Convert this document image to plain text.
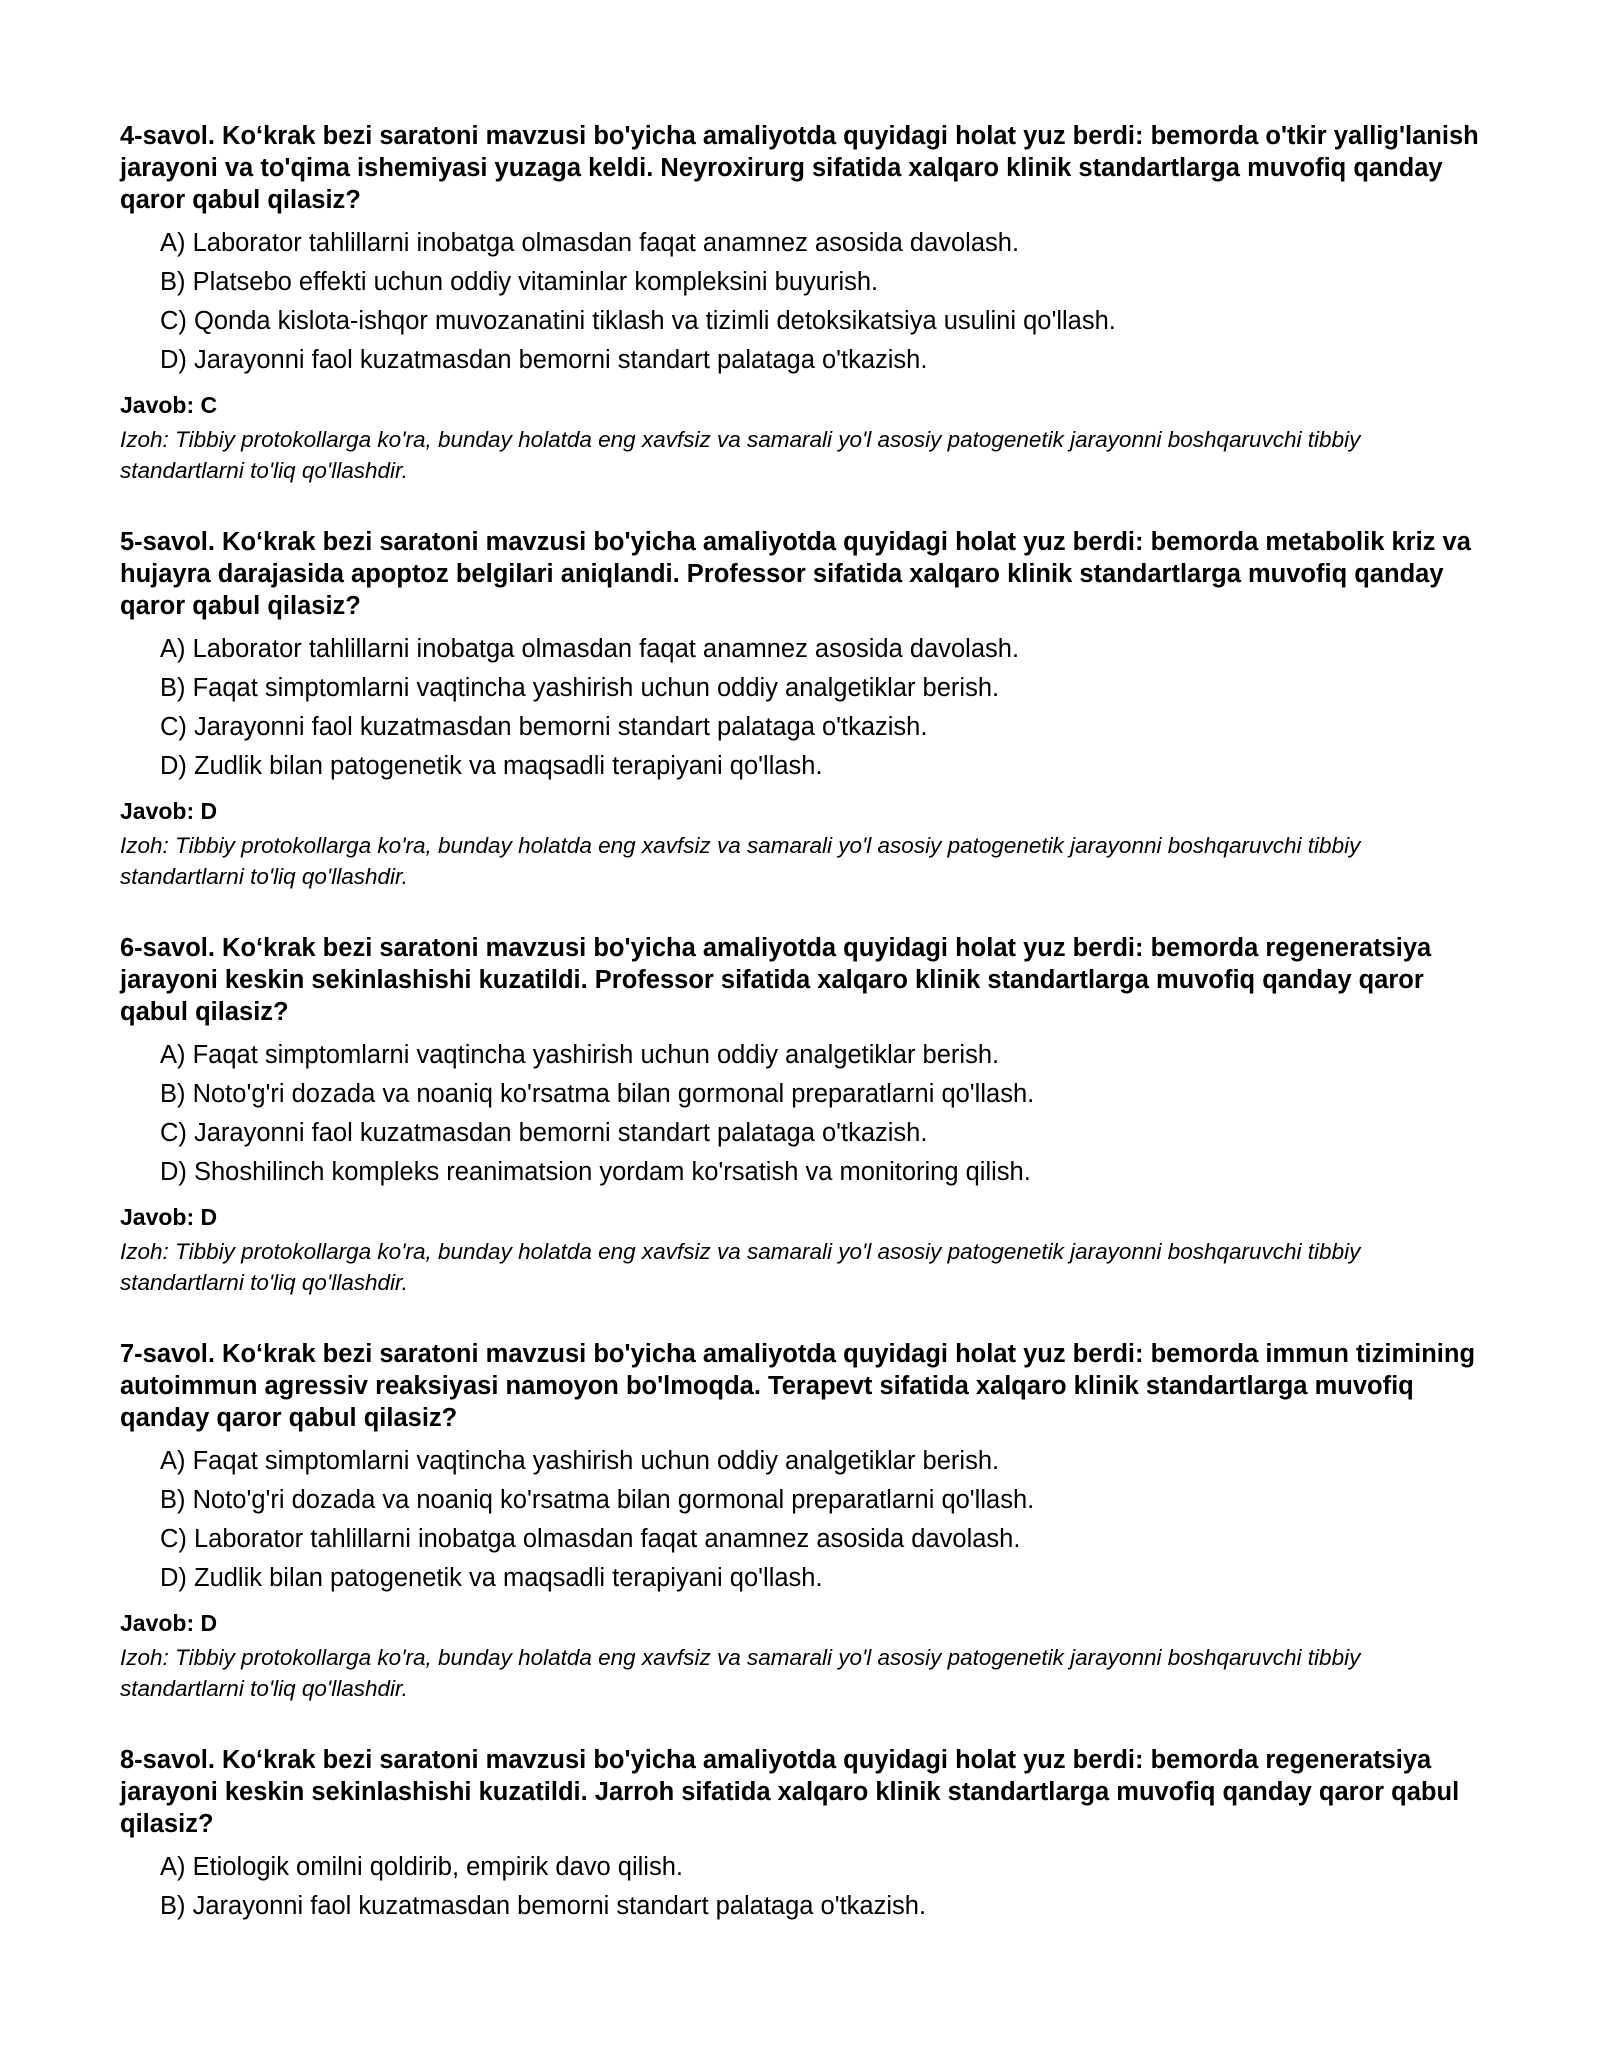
4-savol. Ko‘krak bezi saratoni mavzusi bo'yicha amaliyotda quyidagi holat yuz berdi: bemorda o'tkir yallig'lanish jarayoni va to'qima ishemiyasi yuzaga keldi. Neyroxirurg sifatida xalqaro klinik standartlarga muvofiq qanday qaror qabul qilasiz?

A) Laborator tahlillarni inobatga olmasdan faqat anamnez asosida davolash.
B) Platsebo effekti uchun oddiy vitaminlar kompleksini buyurish.
C) Qonda kislota-ishqor muvozanatini tiklash va tizimli detoksikatsiya usulini qo'llash.
D) Jarayonni faol kuzatmasdan bemorni standart palataga o'tkazish.

Javob: C

Izoh: Tibbiy protokollarga ko'ra, bunday holatda eng xavfsiz va samarali yo'l asosiy patogenetik jarayonni boshqaruvchi tibbiy standartlarni to'liq qo'llashdir.

5-savol. Ko‘krak bezi saratoni mavzusi bo'yicha amaliyotda quyidagi holat yuz berdi: bemorda metabolik kriz va hujayra darajasida apoptoz belgilari aniqlandi. Professor sifatida xalqaro klinik standartlarga muvofiq qanday qaror qabul qilasiz?

A) Laborator tahlillarni inobatga olmasdan faqat anamnez asosida davolash.
B) Faqat simptomlarni vaqtincha yashirish uchun oddiy analgetiklar berish.
C) Jarayonni faol kuzatmasdan bemorni standart palataga o'tkazish.
D) Zudlik bilan patogenetik va maqsadli terapiyani qo'llash.

Javob: D

Izoh: Tibbiy protokollarga ko'ra, bunday holatda eng xavfsiz va samarali yo'l asosiy patogenetik jarayonni boshqaruvchi tibbiy standartlarni to'liq qo'llashdir.

6-savol. Ko‘krak bezi saratoni mavzusi bo'yicha amaliyotda quyidagi holat yuz berdi: bemorda regeneratsiya jarayoni keskin sekinlashishi kuzatildi. Professor sifatida xalqaro klinik standartlarga muvofiq qanday qaror qabul qilasiz?

A) Faqat simptomlarni vaqtincha yashirish uchun oddiy analgetiklar berish.
B) Noto'g'ri dozada va noaniq ko'rsatma bilan gormonal preparatlarni qo'llash.
C) Jarayonni faol kuzatmasdan bemorni standart palataga o'tkazish.
D) Shoshilinch kompleks reanimatsion yordam ko'rsatish va monitoring qilish.

Javob: D

Izoh: Tibbiy protokollarga ko'ra, bunday holatda eng xavfsiz va samarali yo'l asosiy patogenetik jarayonni boshqaruvchi tibbiy standartlarni to'liq qo'llashdir.

7-savol. Ko‘krak bezi saratoni mavzusi bo'yicha amaliyotda quyidagi holat yuz berdi: bemorda immun tizimining autoimmun agressiv reaksiyasi namoyon bo'lmoqda. Terapevt sifatida xalqaro klinik standartlarga muvofiq qanday qaror qabul qilasiz?

A) Faqat simptomlarni vaqtincha yashirish uchun oddiy analgetiklar berish.
B) Noto'g'ri dozada va noaniq ko'rsatma bilan gormonal preparatlarni qo'llash.
C) Laborator tahlillarni inobatga olmasdan faqat anamnez asosida davolash.
D) Zudlik bilan patogenetik va maqsadli terapiyani qo'llash.

Javob: D

Izoh: Tibbiy protokollarga ko'ra, bunday holatda eng xavfsiz va samarali yo'l asosiy patogenetik jarayonni boshqaruvchi tibbiy standartlarni to'liq qo'llashdir.

8-savol. Ko‘krak bezi saratoni mavzusi bo'yicha amaliyotda quyidagi holat yuz berdi: bemorda regeneratsiya jarayoni keskin sekinlashishi kuzatildi. Jarroh sifatida xalqaro klinik standartlarga muvofiq qanday qaror qabul qilasiz?

A) Etiologik omilni qoldirib, empirik davo qilish.
B) Jarayonni faol kuzatmasdan bemorni standart palataga o'tkazish.
